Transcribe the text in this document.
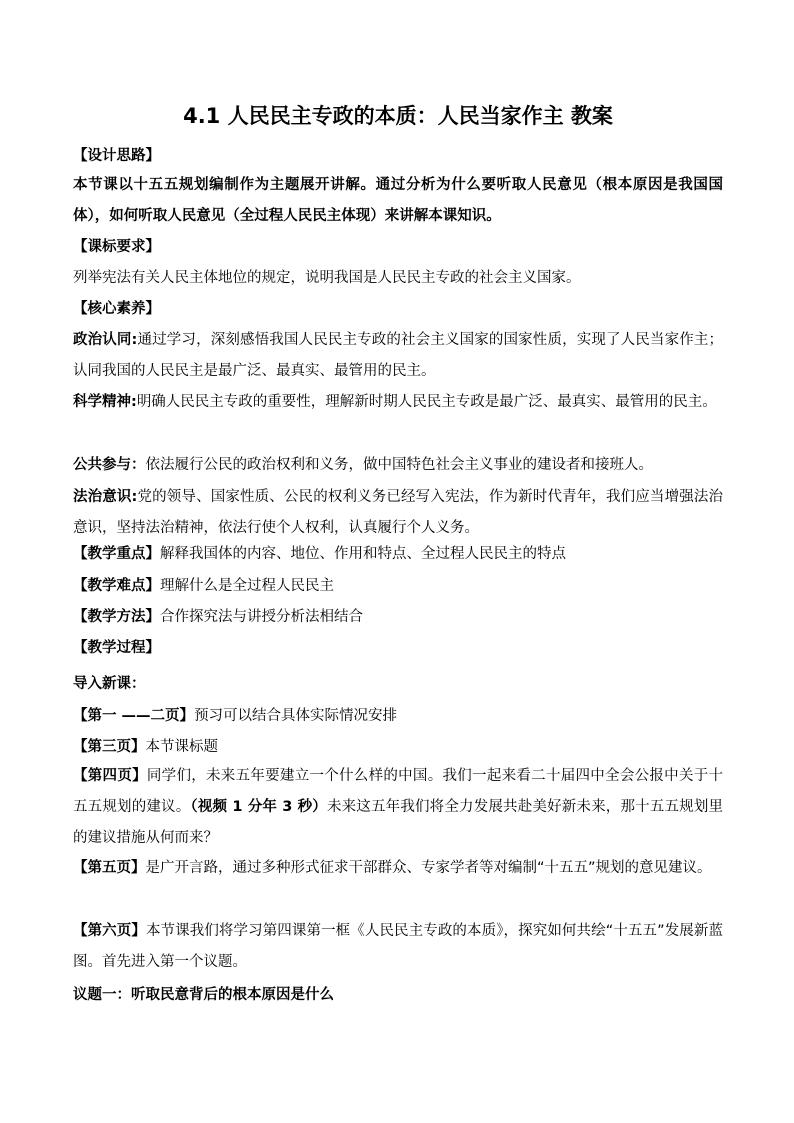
4.1 人民民主专政的本质：人民当家作主 教案
【设计思路】
本节课以十五五规划编制作为主题展开讲解。通过分析为什么要听取人民意见（根本原因是我国国体），如何听取人民意见（全过程人民民主体现）来讲解本课知识。
【课标要求】
列举宪法有关人民主体地位的规定，说明我国是人民民主专政的社会主义国家。
【核心素养】
政治认同:通过学习，深刻感悟我国人民民主专政的社会主义国家的国家性质，实现了人民当家作主；认同我国的人民民主是最广泛、最真实、最管用的民主。
科学精神:明确人民民主专政的重要性，理解新时期人民民主专政是最广泛、最真实、最管用的民主。
公共参与：依法履行公民的政治权利和义务，做中国特色社会主义事业的建设者和接班人。
法治意识:党的领导、国家性质、公民的权利义务已经写入宪法，作为新时代青年，我们应当增强法治意识，坚持法治精神，依法行使个人权利，认真履行个人义务。
【教学重点】解释我国体的内容、地位、作用和特点、全过程人民民主的特点
【教学难点】理解什么是全过程人民民主
【教学方法】合作探究法与讲授分析法相结合
【教学过程】
导入新课：
【第一 ——二页】预习可以结合具体实际情况安排
【第三页】本节课标题
【第四页】同学们，未来五年要建立一个什么样的中国。我们一起来看二十届四中全会公报中关于十五五规划的建议。（视频 1 分年 3 秒）未来这五年我们将全力发展共赴美好新未来，那十五五规划里的建议措施从何而来？
【第五页】是广开言路，通过多种形式征求干部群众、专家学者等对编制“十五五”规划的意见建议。
【第六页】本节课我们将学习第四课第一框《人民民主专政的本质》，探究如何共绘“十五五”发展新蓝图。首先进入第一个议题。
议题一：听取民意背后的根本原因是什么
